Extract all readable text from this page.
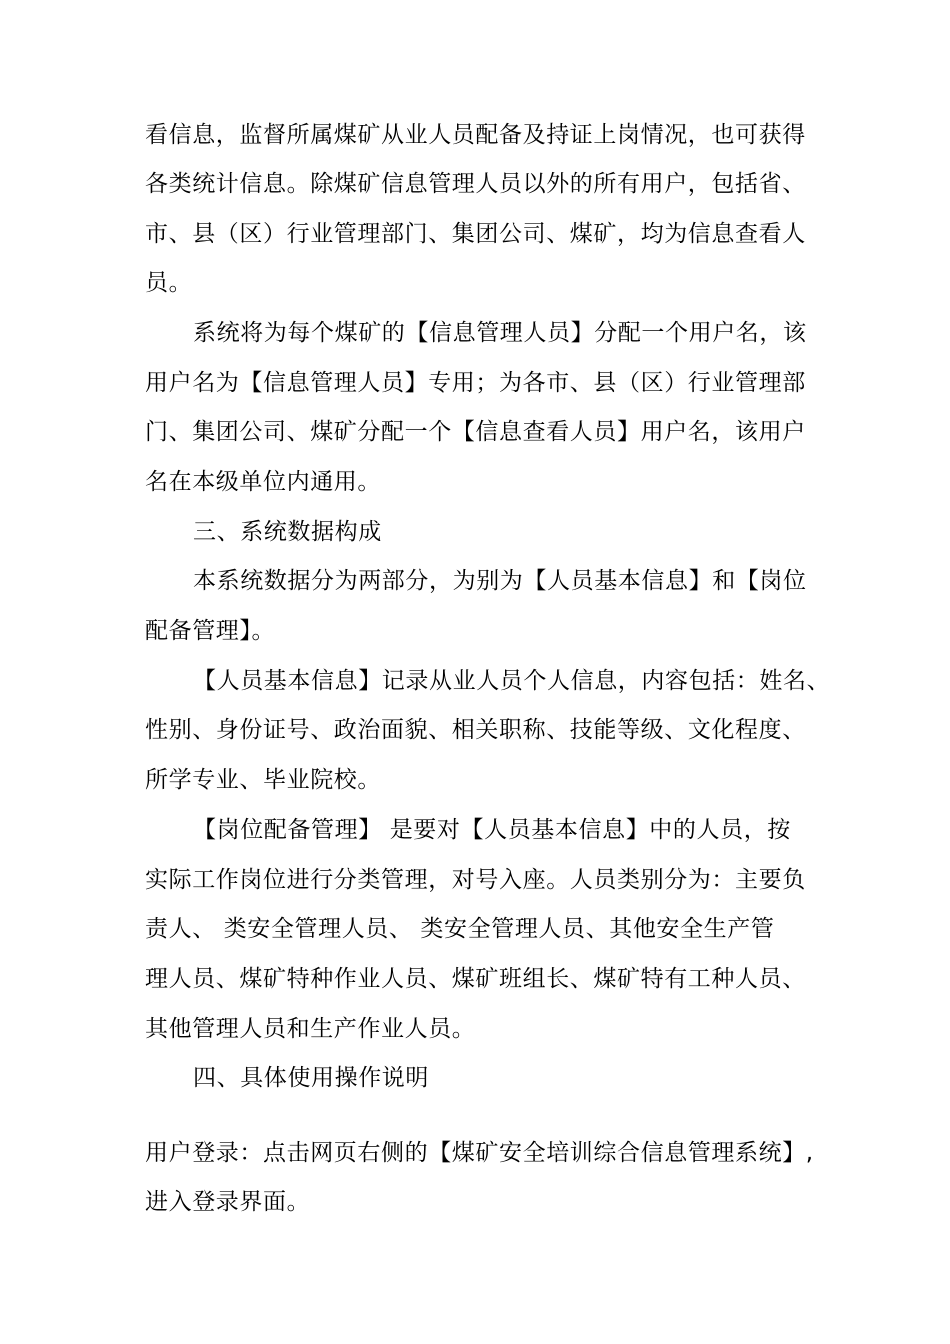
看信息，监督所属煤矿从业人员配备及持证上岗情况，也可获得
各类统计信息。除煤矿信息管理人员以外的所有用户，包括省、
市、县（区）行业管理部门、集团公司、煤矿，均为信息查看人
员。
系统将为每个煤矿的【信息管理人员】分配一个用户名，该
用户名为【信息管理人员】专用；为各市、县（区）行业管理部
门、集团公司、煤矿分配一个【信息查看人员】用户名，该用户
名在本级单位内通用。
三、系统数据构成
本系统数据分为两部分，为别为【人员基本信息】和【岗位
配备管理】。
【人员基本信息】记录从业人员个人信息，内容包括：姓名、
性别、身份证号、政治面貌、相关职称、技能等级、文化程度、
所学专业、毕业院校。
【岗位配备管理】 是要对【人员基本信息】中的人员，按
实际工作岗位进行分类管理，对号入座。人员类别分为：主要负
责人、 类安全管理人员、 类安全管理人员、其他安全生产管
理人员、煤矿特种作业人员、煤矿班组长、煤矿特有工种人员、
其他管理人员和生产作业人员。
四、具体使用操作说明
用户登录：点击网页右侧的【煤矿安全培训综合信息管理系统】,
进入登录界面。
